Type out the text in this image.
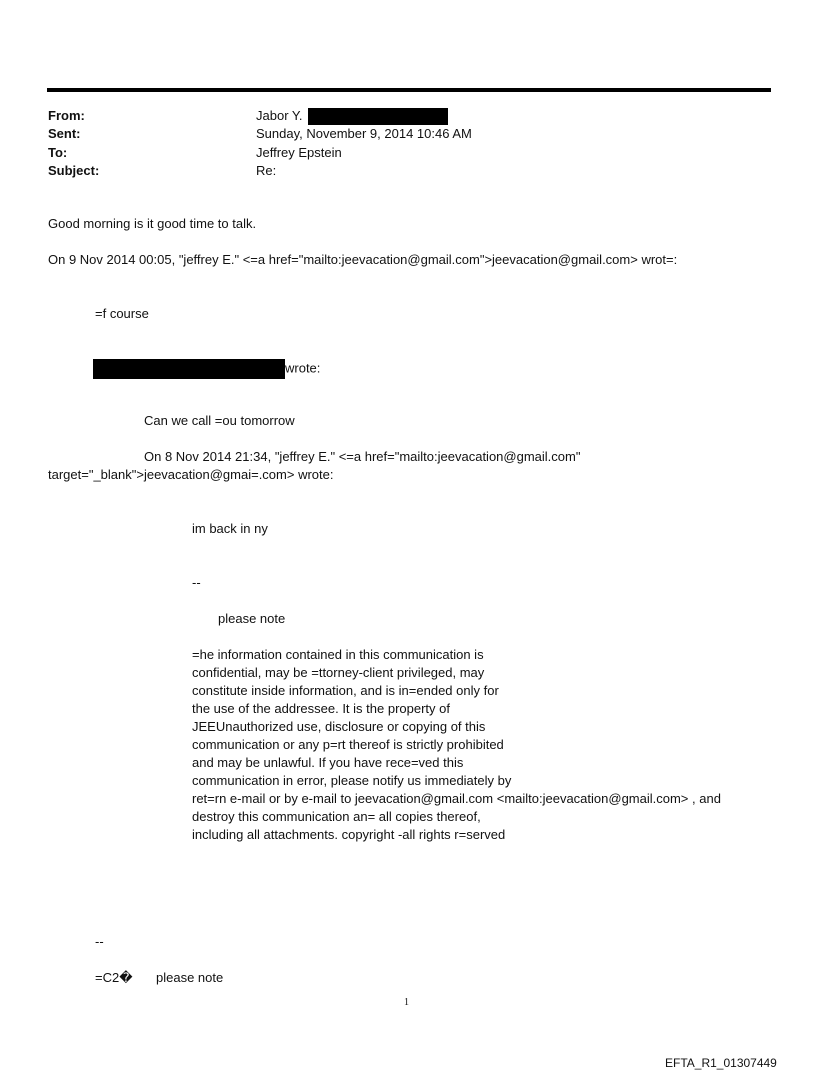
From:	Jabor Y.
Sent:	Sunday, November 9, 2014 10:46 AM
To:	Jeffrey Epstein
Subject:	Re:
Good morning is it good time to talk.
On 9 Nov 2014 00:05, "jeffrey E." <=a href="mailto:jeevacation@gmail.com">jeevacation@gmail.com> wrot=:
=f course
wrote:
Can we call =ou tomorrow
On 8 Nov 2014 21:34, "jeffrey E." <=a href="mailto:jeevacation@gmail.com"
target="_blank">jeevacation@gmai=.com> wrote:
im back in ny
--
please note
=he information contained in this communication is
confidential, may be =ttorney-client privileged, may
constitute inside information, and is in=ended only for
the use of the addressee. It is the property of
JEEUnauthorized use, disclosure or copying of this
communication or any p=rt thereof is strictly prohibited
and may be unlawful. If you have rece=ved this
communication in error, please notify us immediately by
ret=rn e-mail or by e-mail to jeevacation@gmail.com <mailto:jeevacation@gmail.com> , and
destroy this communication an= all copies thereof,
including all attachments. copyright -all rights r=served
--
=C2� please note
1
EFTA_R1_01307449
